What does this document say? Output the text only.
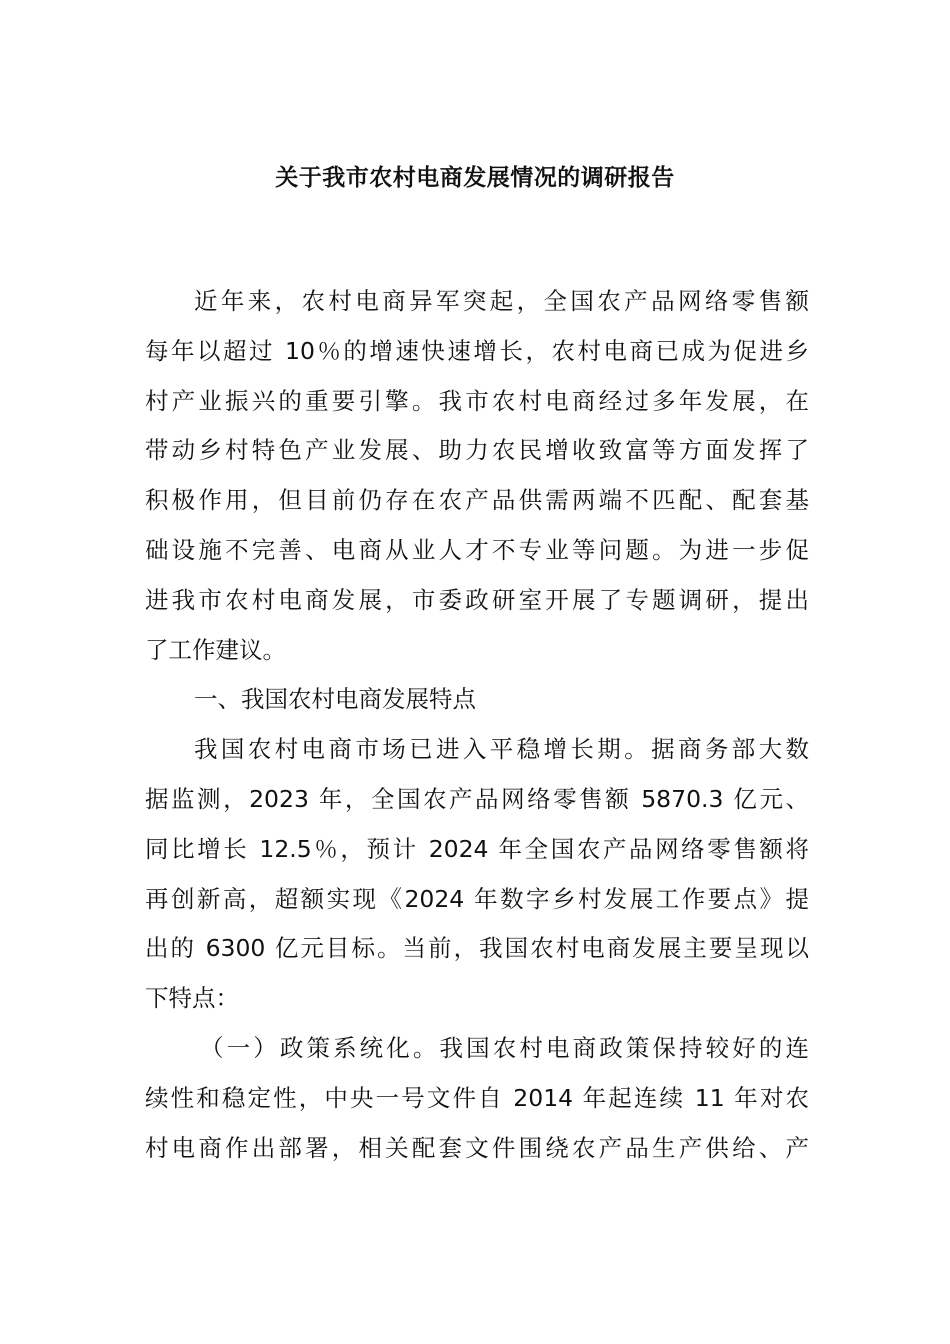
关于我市农村电商发展情况的调研报告
近年来，农村电商异军突起，全国农产品网络零售额
每年以超过 10％的增速快速增长，农村电商已成为促进乡
村产业振兴的重要引擎。我市农村电商经过多年发展，在
带动乡村特色产业发展、助力农民增收致富等方面发挥了
积极作用，但目前仍存在农产品供需两端不匹配、配套基
础设施不完善、电商从业人才不专业等问题。为进一步促
进我市农村电商发展，市委政研室开展了专题调研，提出
了工作建议。
一、我国农村电商发展特点
我国农村电商市场已进入平稳增长期。据商务部大数
据监测，2023 年，全国农产品网络零售额 5870.3 亿元、
同比增长 12.5％，预计 2024 年全国农产品网络零售额将
再创新高，超额实现《2024 年数字乡村发展工作要点》提
出的 6300 亿元目标。当前，我国农村电商发展主要呈现以
下特点：
（一）政策系统化。我国农村电商政策保持较好的连
续性和稳定性，中央一号文件自 2014 年起连续 11 年对农
村电商作出部署，相关配套文件围绕农产品生产供给、产
